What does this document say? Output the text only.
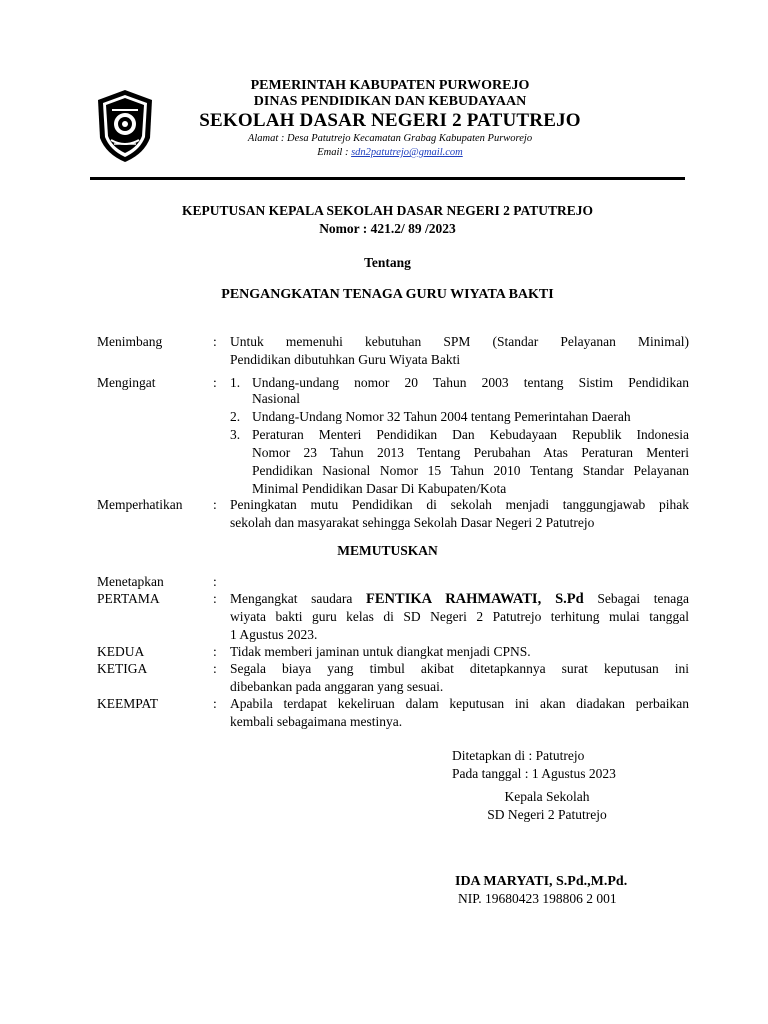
PEMERINTAH KABUPATEN PURWOREJO
DINAS PENDIDIKAN DAN KEBUDAYAAN
SEKOLAH DASAR NEGERI 2 PATUTREJO
Alamat : Desa Patutrejo Kecamatan Grabag Kabupaten Purworejo
Email : sdn2patutrejo@gmail.com
KEPUTUSAN KEPALA SEKOLAH DASAR NEGERI 2 PATUTREJO
Nomor : 421.2/ 89 /2023
Tentang
PENGANGKATAN TENAGA GURU WIYATA BAKTI
Menimbang	: Untuk memenuhi kebutuhan SPM (Standar Pelayanan Minimal)
Pendidikan dibutuhkan Guru Wiyata Bakti
Mengingat	: 1. Undang-undang nomor 20 Tahun 2003 tentang Sistim Pendidikan
Nasional
2. Undang-Undang Nomor 32 Tahun 2004 tentang Pemerintahan Daerah
3. Peraturan Menteri Pendidikan Dan Kebudayaan Republik Indonesia
Nomor 23 Tahun 2013 Tentang Perubahan Atas Peraturan Menteri
Pendidikan Nasional Nomor 15 Tahun 2010 Tentang Standar Pelayanan
Minimal Pendidikan Dasar Di Kabupaten/Kota
Memperhatikan	: Peningkatan mutu Pendidikan di sekolah menjadi tanggungjawab pihak
sekolah dan masyarakat sehingga Sekolah Dasar Negeri 2 Patutrejo
MEMUTUSKAN
Menetapkan	:
PERTAMA	: Mengangkat saudara FENTIKA RAHMAWATI, S.Pd Sebagai tenaga
wiyata bakti guru kelas di SD Negeri 2 Patutrejo terhitung mulai tanggal
1 Agustus 2023.
KEDUA	: Tidak memberi jaminan untuk diangkat menjadi CPNS.
KETIGA	: Segala biaya yang timbul akibat ditetapkannya surat keputusan ini
dibebankan pada anggaran yang sesuai.
KEEMPAT	: Apabila terdapat kekeliruan dalam keputusan ini akan diadakan perbaikan
kembali sebagaimana mestinya.
Ditetapkan di : Patutrejo
Pada tanggal : 1 Agustus 2023
Kepala Sekolah
SD Negeri 2 Patutrejo
IDA MARYATI, S.Pd.,M.Pd.
NIP. 19680423 198806 2 001
